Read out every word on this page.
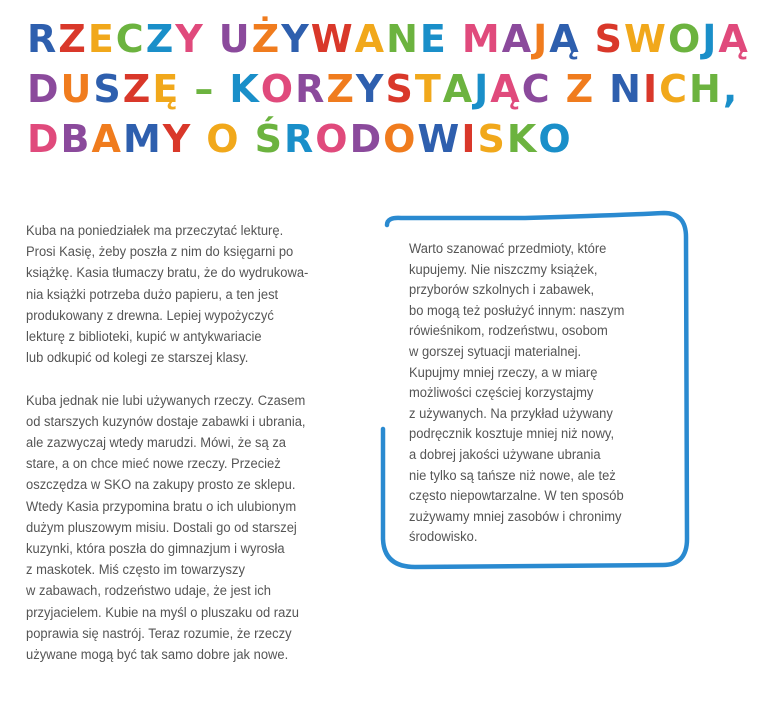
RZECZY UŻYWANE MAJĄ SWOJĄ
DUSZĘ – KORZYSTAJĄC Z NICH,
DBAMY O ŚRODOWISKO
Kuba na poniedziałek ma przeczytać lekturę.
Prosi Kasię, żeby poszła z nim do księgarni po
książkę. Kasia tłumaczy bratu, że do wydrukowa-
nia książki potrzeba dużo papieru, a ten jest
produkowany z drewna. Lepiej wypożyczyć
lekturę z biblioteki, kupić w antykwariacie
lub odkupić od kolegi ze starszej klasy.
Kuba jednak nie lubi używanych rzeczy. Czasem
od starszych kuzynów dostaje zabawki i ubrania,
ale zazwyczaj wtedy marudzi. Mówi, że są za
stare, a on chce mieć nowe rzeczy. Przecież
oszczędza w SKO na zakupy prosto ze sklepu.
Wtedy Kasia przypomina bratu o ich ulubionym
dużym pluszowym misiu. Dostali go od starszej
kuzynki, która poszła do gimnazjum i wyrosła
z maskotek. Miś często im towarzyszy
w zabawach, rodzeństwo udaje, że jest ich
przyjacielem. Kubie na myśl o pluszaku od razu
poprawia się nastrój. Teraz rozumie, że rzeczy
używane mogą być tak samo dobre jak nowe.
Warto szanować przedmioty, które
kupujemy. Nie niszczmy książek,
przyborów szkolnych i zabawek,
bo mogą też posłużyć innym: naszym
rówieśnikom, rodzeństwu, osobom
w gorszej sytuacji materialnej.
Kupujmy mniej rzeczy, a w miarę
możliwości częściej korzystajmy
z używanych. Na przykład używany
podręcznik kosztuje mniej niż nowy,
a dobrej jakości używane ubrania
nie tylko są tańsze niż nowe, ale też
często niepowtarzalne. W ten sposób
zużywamy mniej zasobów i chronimy
środowisko.
